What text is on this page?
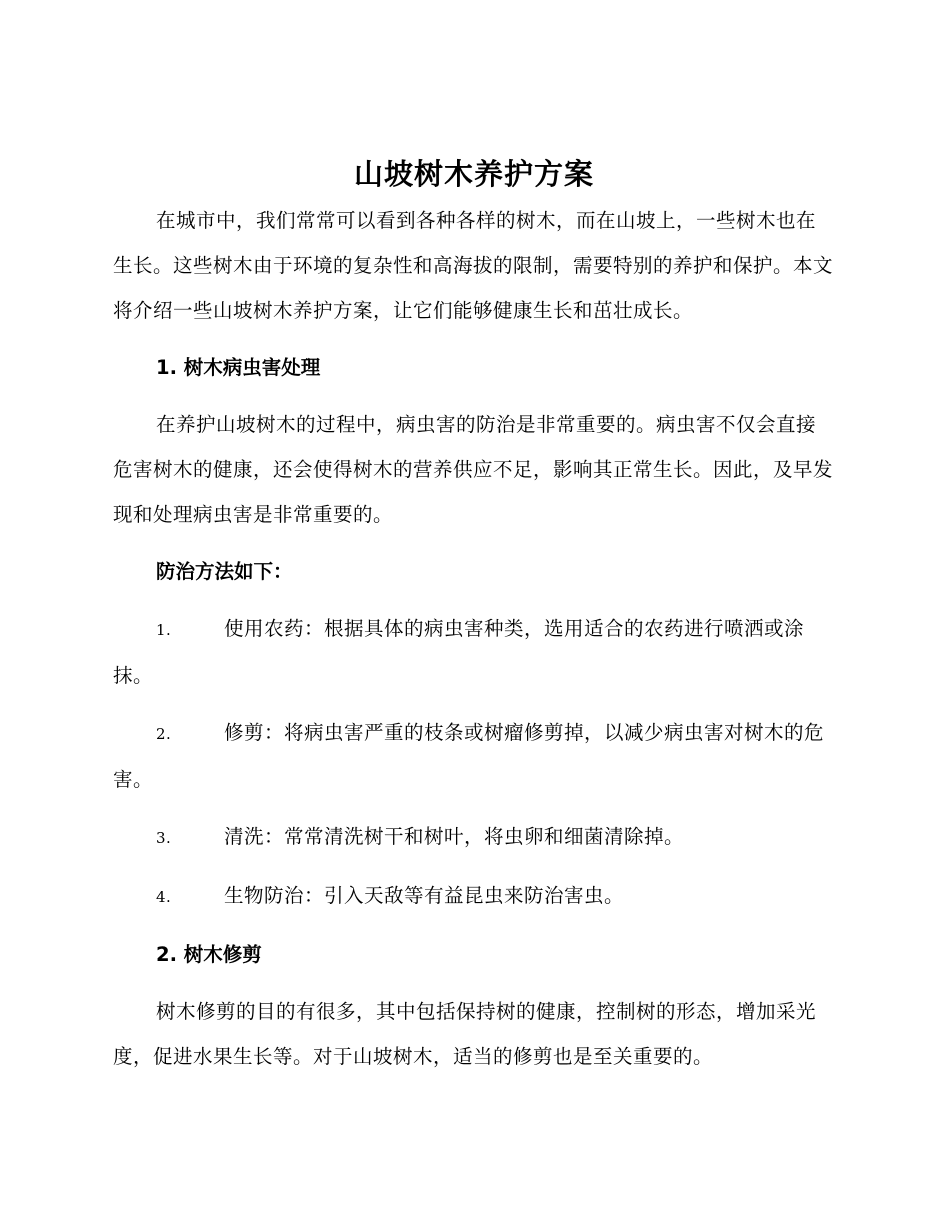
山坡树木养护方案

在城市中，我们常常可以看到各种各样的树木，而在山坡上，一些树木也在生长。这些树木由于环境的复杂性和高海拔的限制，需要特别的养护和保护。本文将介绍一些山坡树木养护方案，让它们能够健康生长和茁壮成长。

1. 树木病虫害处理

在养护山坡树木的过程中，病虫害的防治是非常重要的。病虫害不仅会直接危害树木的健康，还会使得树木的营养供应不足，影响其正常生长。因此，及早发现和处理病虫害是非常重要的。

防治方法如下：

1.	使用农药：根据具体的病虫害种类，选用适合的农药进行喷洒或涂抹。

2.	修剪：将病虫害严重的枝条或树瘤修剪掉，以减少病虫害对树木的危害。

3.	清洗：常常清洗树干和树叶，将虫卵和细菌清除掉。

4.	生物防治：引入天敌等有益昆虫来防治害虫。

2. 树木修剪

树木修剪的目的有很多，其中包括保持树的健康，控制树的形态，增加采光度，促进水果生长等。对于山坡树木，适当的修剪也是至关重要的。
